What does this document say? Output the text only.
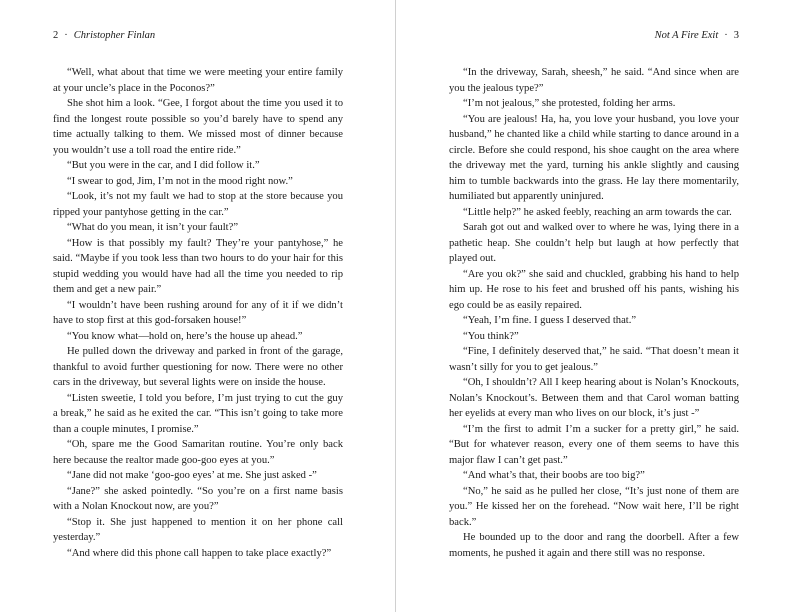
2 · Christopher Finlan

“Well, what about that time we were meeting your entire family at your uncle’s place in the Poconos?”

She shot him a look. “Gee, I forgot about the time you used it to find the longest route possible so you’d barely have to spend any time actually talking to them. We missed most of dinner because you wouldn’t use a toll road the entire ride.”

“But you were in the car, and I did follow it.”

“I swear to god, Jim, I’m not in the mood right now.”

“Look, it’s not my fault we had to stop at the store because you ripped your pantyhose getting in the car.”

“What do you mean, it isn’t your fault?”

“How is that possibly my fault? They’re your pantyhose,” he said. “Maybe if you took less than two hours to do your hair for this stupid wedding you would have had all the time you needed to rip them and get a new pair.”

“I wouldn’t have been rushing around for any of it if we didn’t have to stop first at this god-forsaken house!”

“You know what—hold on, here’s the house up ahead.”

He pulled down the driveway and parked in front of the garage, thankful to avoid further questioning for now. There were no other cars in the driveway, but several lights were on inside the house.

“Listen sweetie, I told you before, I’m just trying to cut the guy a break,” he said as he exited the car. “This isn’t going to take more than a couple minutes, I promise.”

“Oh, spare me the Good Samaritan routine. You’re only back here because the realtor made goo-goo eyes at you.”

“Jane did not make ‘goo-goo eyes’ at me. She just asked -”

“Jane?” she asked pointedly. “So you’re on a first name basis with a Nolan Knockout now, are you?”

“Stop it. She just happened to mention it on her phone call yesterday.”

“And where did this phone call happen to take place exactly?”

Not A Fire Exit · 3

“In the driveway, Sarah, sheesh,” he said. “And since when are you the jealous type?”

“I’m not jealous,” she protested, folding her arms.

“You are jealous! Ha, ha, you love your husband, you love your husband,” he chanted like a child while starting to dance around in a circle. Before she could respond, his shoe caught on the area where the driveway met the yard, turning his ankle slightly and causing him to tumble backwards into the grass. He lay there momentarily, humiliated but apparently uninjured.

“Little help?” he asked feebly, reaching an arm towards the car.

Sarah got out and walked over to where he was, lying there in a pathetic heap. She couldn’t help but laugh at how perfectly that played out.

“Are you ok?” she said and chuckled, grabbing his hand to help him up. He rose to his feet and brushed off his pants, wishing his ego could be as easily repaired.

“Yeah, I’m fine. I guess I deserved that.”

“You think?”

“Fine, I definitely deserved that,” he said. “That doesn’t mean it wasn’t silly for you to get jealous.”

“Oh, I shouldn’t? All I keep hearing about is Nolan’s Knockouts, Nolan’s Knockout’s. Between them and that Carol woman batting her eyelids at every man who lives on our block, it’s just -”

“I’m the first to admit I’m a sucker for a pretty girl,” he said. “But for whatever reason, every one of them seems to have this major flaw I can’t get past.”

“And what’s that, their boobs are too big?”

“No,” he said as he pulled her close, “It’s just none of them are you.” He kissed her on the forehead. “Now wait here, I’ll be right back.”

He bounded up to the door and rang the doorbell. After a few moments, he pushed it again and there still was no response.
